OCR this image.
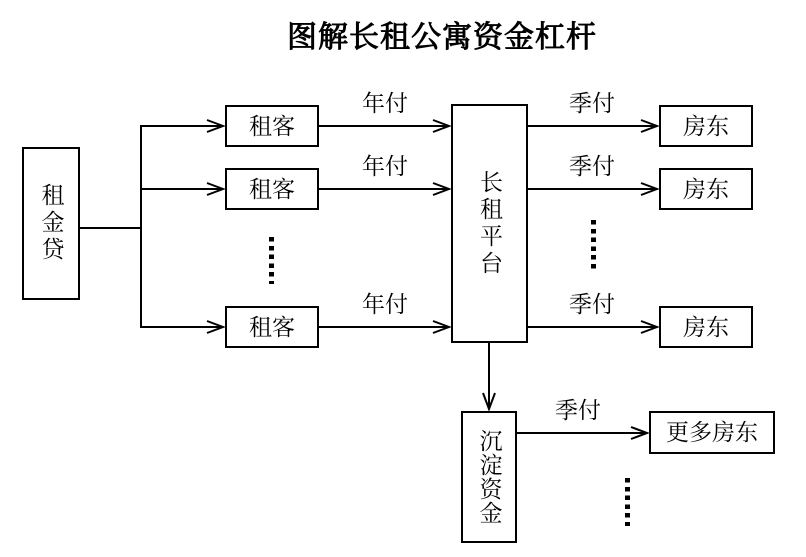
图解长租公寓资金杠杆
租金贷
租客
租客
租客
长租平台
房东
房东
房东
沉淀资金	更多房东
年付
年付
年付
季付
季付
季付
季付
